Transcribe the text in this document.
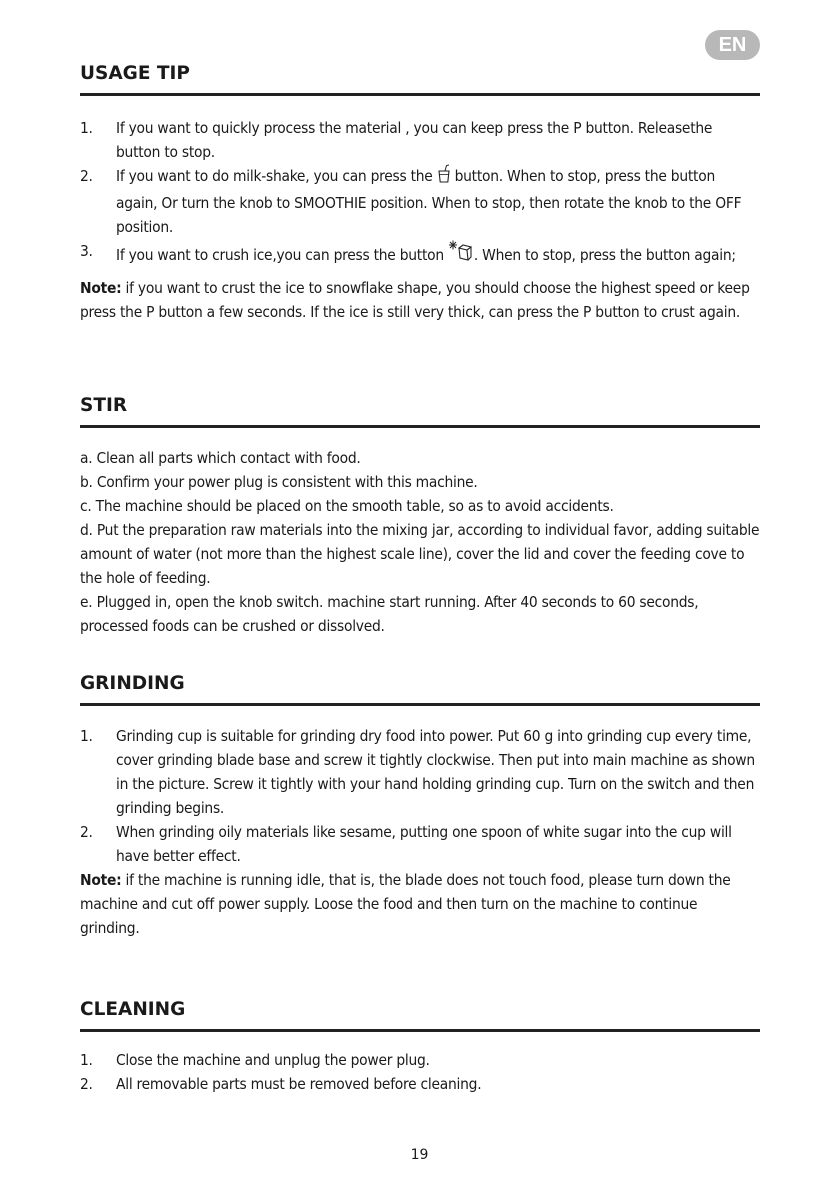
EN
USAGE TIP
1. If you want to quickly process the material , you can keep press the P button. Releasethe button to stop.
2. If you want to do milk-shake, you can press the button. When to stop, press the button again, Or turn the knob to SMOOTHIE position. When to stop, then rotate the knob to the OFF position.
3. If you want to crush ice,you can press the button . When to stop, press the button again;

Note: if you want to crust the ice to snowflake shape, you should choose the highest speed or keep press the P button a few seconds. If the ice is still very thick, can press the P button to crust again.

STIR

a. Clean all parts which contact with food.

b. Confirm your power plug is consistent with this machine.

c. The machine should be placed on the smooth table, so as to avoid accidents.

d. Put the preparation raw materials into the mixing jar, according to individual favor, adding suitable amount of water (not more than the highest scale line), cover the lid and cover the feeding cove to the hole of feeding.

e. Plugged in, open the knob switch. machine start running. After 40 seconds to 60 seconds, processed foods can be crushed or dissolved.

GRINDING
1. Grinding cup is suitable for grinding dry food into power. Put 60 g into grinding cup every time, cover grinding blade base and screw it tightly clockwise. Then put into main machine as shown in the picture. Screw it tightly with your hand holding grinding cup. Turn on the switch and then grinding begins.
2. When grinding oily materials like sesame, putting one spoon of white sugar into the cup will have better effect.

Note: if the machine is running idle, that is, the blade does not touch food, please turn down the machine and cut off power supply. Loose the food and then turn on the machine to continue grinding.

CLEANING
1. Close the machine and unplug the power plug.
2. All removable parts must be removed before cleaning.
19
